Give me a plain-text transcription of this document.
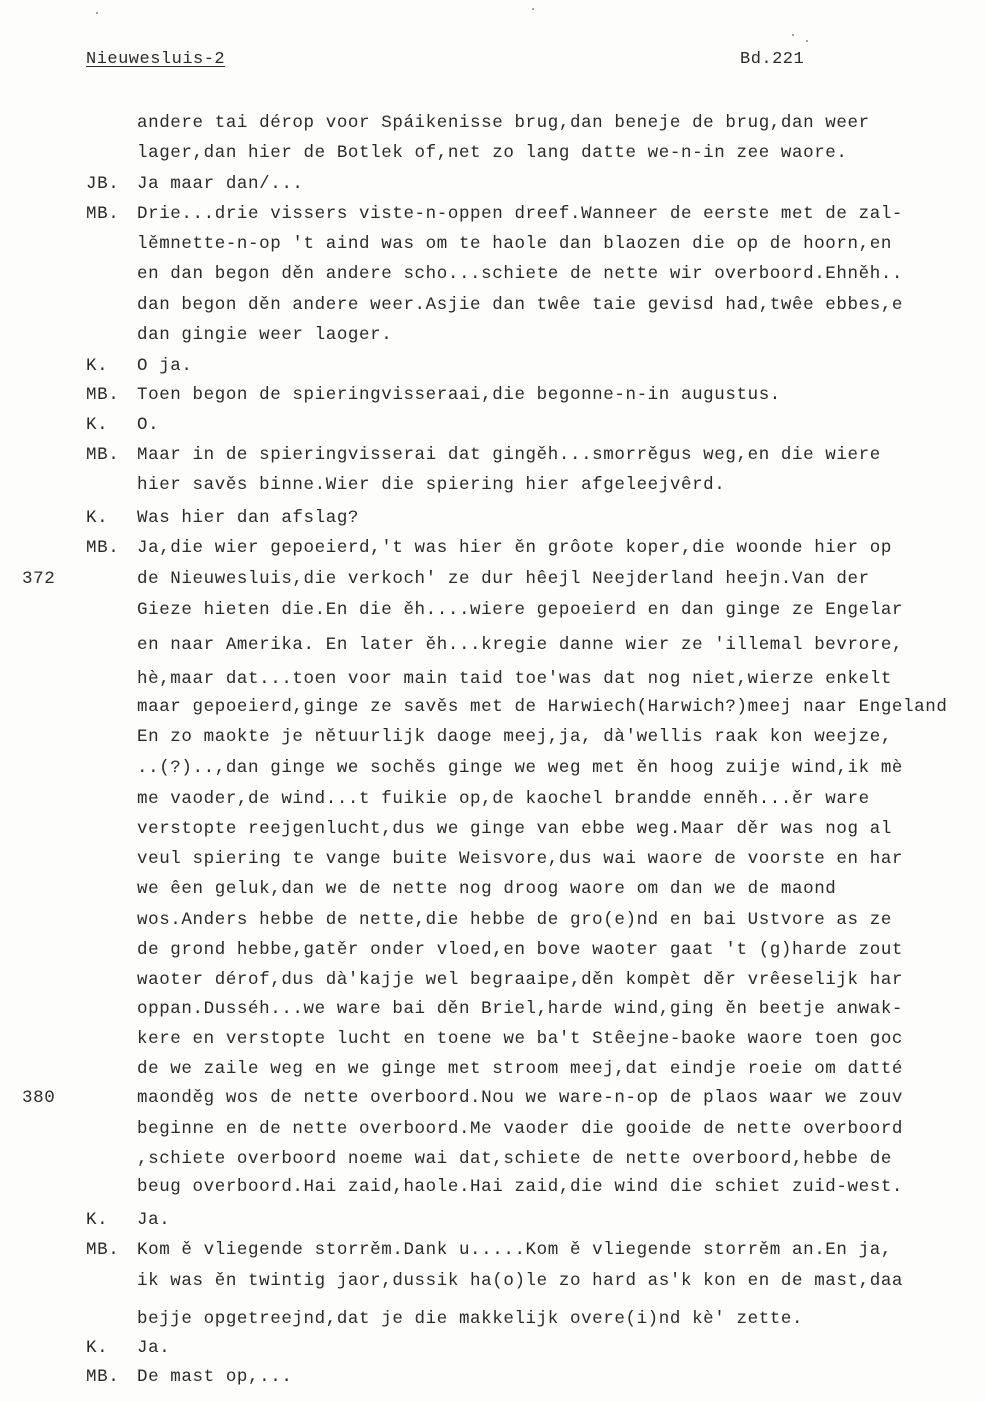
Nieuwesluis-2	Bd.221
andere tai dérop voor Spáikenisse brug,dan beneje de brug,dan weer
lager,dan hier de Botlek of,net zo lang datte we-n-in zee waore.
JB. Ja maar dan/...
MB. Drie...drie vissers viste-n-oppen dreef.Wanneer de eerste met de zal-
lěmnette-n-op 't aind was om te haole dan blaozen die op de hoorn,en
en dan begon děn andere scho...schiete de nette wir overboord.Ehněh..
dan begon děn andere weer.Asjie dan twêe taie gevisd had,twêe ebbes,e
dan gingie weer laoger.
K. O ja.
MB. Toen begon de spieringvisseraai,die begonne-n-in augustus.
K. O.
MB. Maar in de spieringvisserai dat gingěh...smorrěgus weg,en die wiere
hier savěs binne.Wier die spiering hier afgeleejvêrd.
K. Was hier dan afslag?
MB. Ja,die wier gepoeierd,'t was hier ěn grôote koper,die woonde hier op
372	de Nieuwesluis,die verkoch' ze dur hêejl Neejderland heejn.Van der
Gieze hieten die.En die ěh....wiere gepoeierd en dan ginge ze Engelar
en naar Amerika. En later ěh...kregie danne wier ze 'illemal bevrore,
hè,maar dat...toen voor main taid toe'was dat nog niet,wierze enkelt
maar gepoeierd,ginge ze savěs met de Harwiech(Harwich?)meej naar Engeland
En zo maokte je nětuurlijk daoge meej,ja, dà'wellis raak kon weejze,
..(?)..,dan ginge we sochěs ginge we weg met ěn hoog zuije wind,ik mè
me vaoder,de wind...t fuikie op,de kaochel brandde enněh...ěr ware
verstopte reejgenlucht,dus we ginge van ebbe weg.Maar děr was nog al
veul spiering te vange buite Weisvore,dus wai waore de voorste en har
we êen geluk,dan we de nette nog droog waore om dan we de maond
wos.Anders hebbe de nette,die hebbe de gro(e)nd en bai Ustvore as ze
de grond hebbe,gatěr onder vloed,en bove waoter gaat 't (g)harde zout
waoter dérof,dus dà'kajje wel begraaipe,děn kompèt děr vrêeselijk har
oppan.Dusséh...we ware bai děn Briel,harde wind,ging ěn beetje anwak-
kere en verstopte lucht en toene we ba't Stêejne-baoke waore toen goc
de we zaile weg en we ginge met stroom meej,dat eindje roeie om datté
380	maonděg wos de nette overboord.Nou we ware-n-op de plaos waar we zouv
beginne en de nette overboord.Me vaoder die gooide de nette overboord
,schiete overboord noeme wai dat,schiete de nette overboord,hebbe de
beug overboord.Hai zaid,haole.Hai zaid,die wind die schiet zuid-west.
K. Ja.
MB. Kom ě vliegende storrěm.Dank u.....Kom ě vliegende storrěm an.En ja,
ik was ěn twintig jaor,dussik ha(o)le zo hard as'k kon en de mast,daa
bejje opgetreejnd,dat je die makkelijk overe(i)nd kè' zette.
K. Ja.
MB. De mast op,...
